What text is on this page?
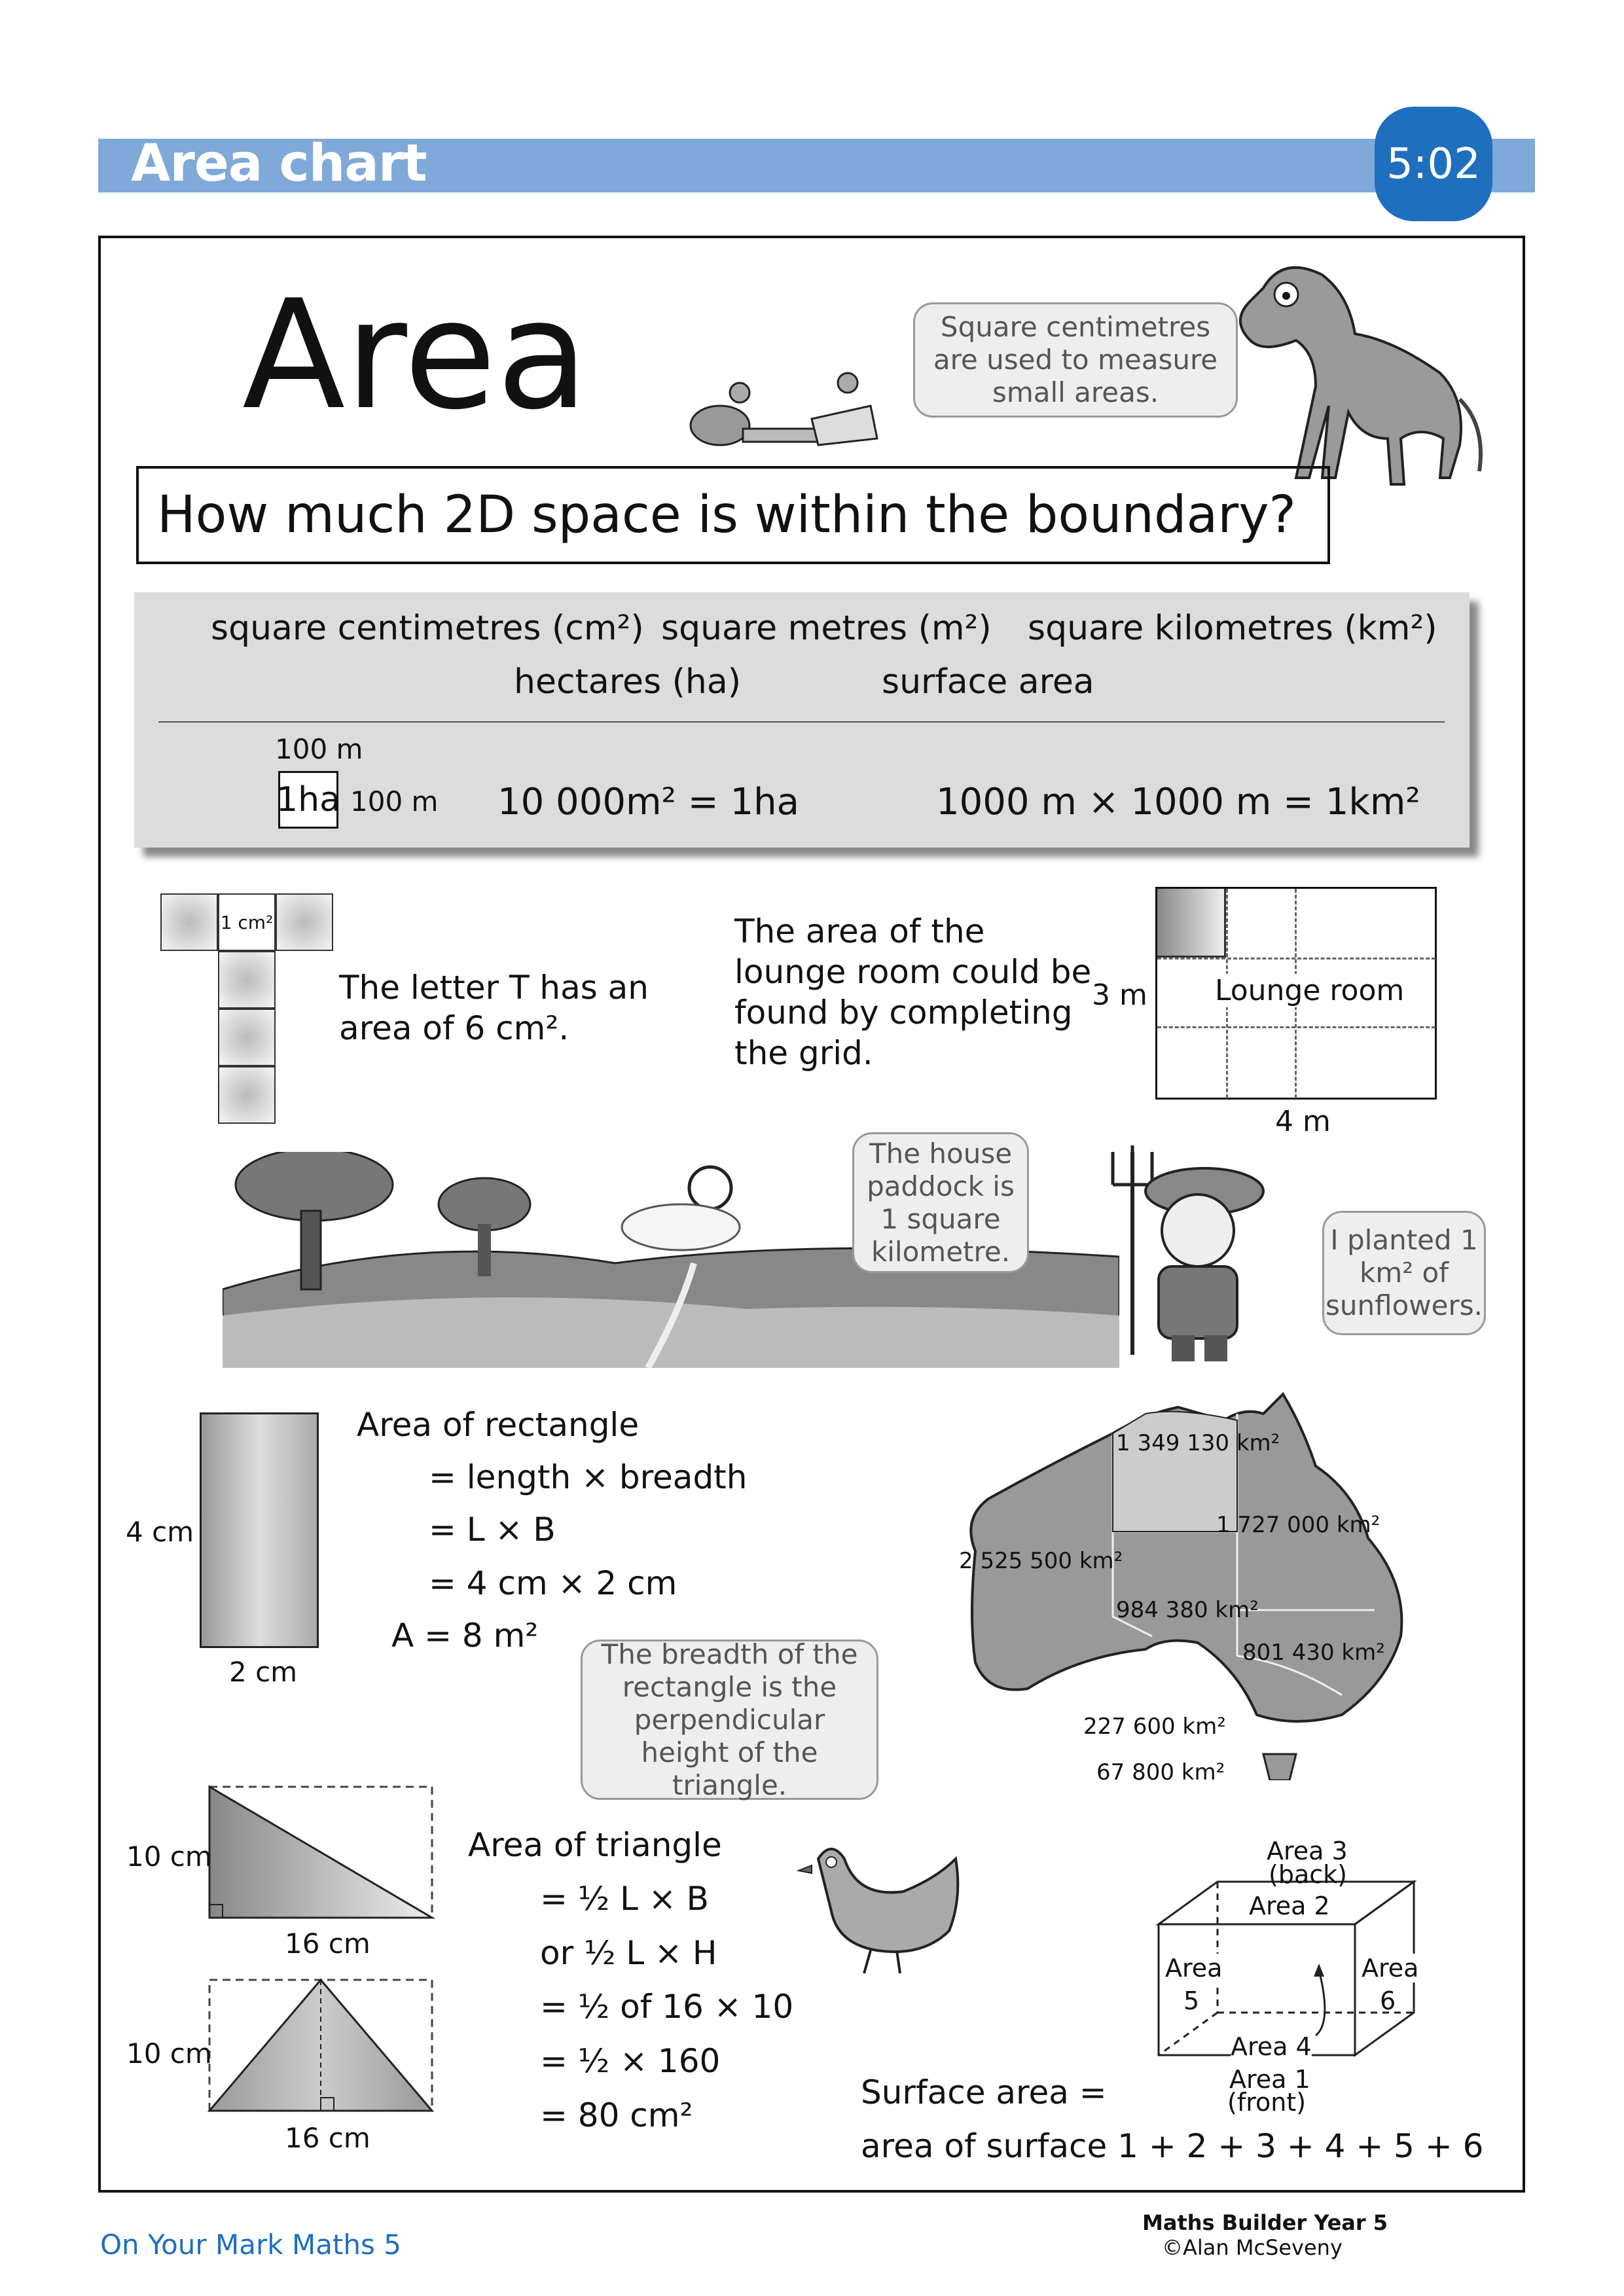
Area chart	5:02
Area	Square centimetres are used to measure small areas.
How much 2D space is within the boundary?
square centimetres (cm²) square metres (m²) square kilometres (km²)
hectares (ha)	surface area
100 m
1ha 100 m 10 000m² = 1ha	1000 m × 1000 m = 1km²
1 cm²
The letter T has an area of 6 cm².
The area of the lounge room could be found by completing the grid.
Lounge room
3 m
4 m
The house paddock is 1 square kilometre.	I planted 1 km² of sunflowers.
4 cm
2 cm
Area of rectangle
= length × breadth
= L × B
= 4 cm × 2 cm
A = 8 m²
1 349 130 km²
1 727 000 km²
2 525 500 km²
984 380 km²
801 430 km²
227 600 km²
67 800 km²
The breadth of the rectangle is the perpendicular height of the triangle.
10 cm
16 cm
10 cm
16 cm
Area of triangle
= ½ L × B
or ½ L × H
= ½ of 16 × 10
= ½ × 160
= 80 cm²
Area 3
(back)
Area 2
Area
5
Area
6
Area 4
Area 1
(front)
Surface area =
area of surface 1 + 2 + 3 + 4 + 5 + 6
On Your Mark Maths 5
Maths Builder Year 5
©Alan McSeveny
